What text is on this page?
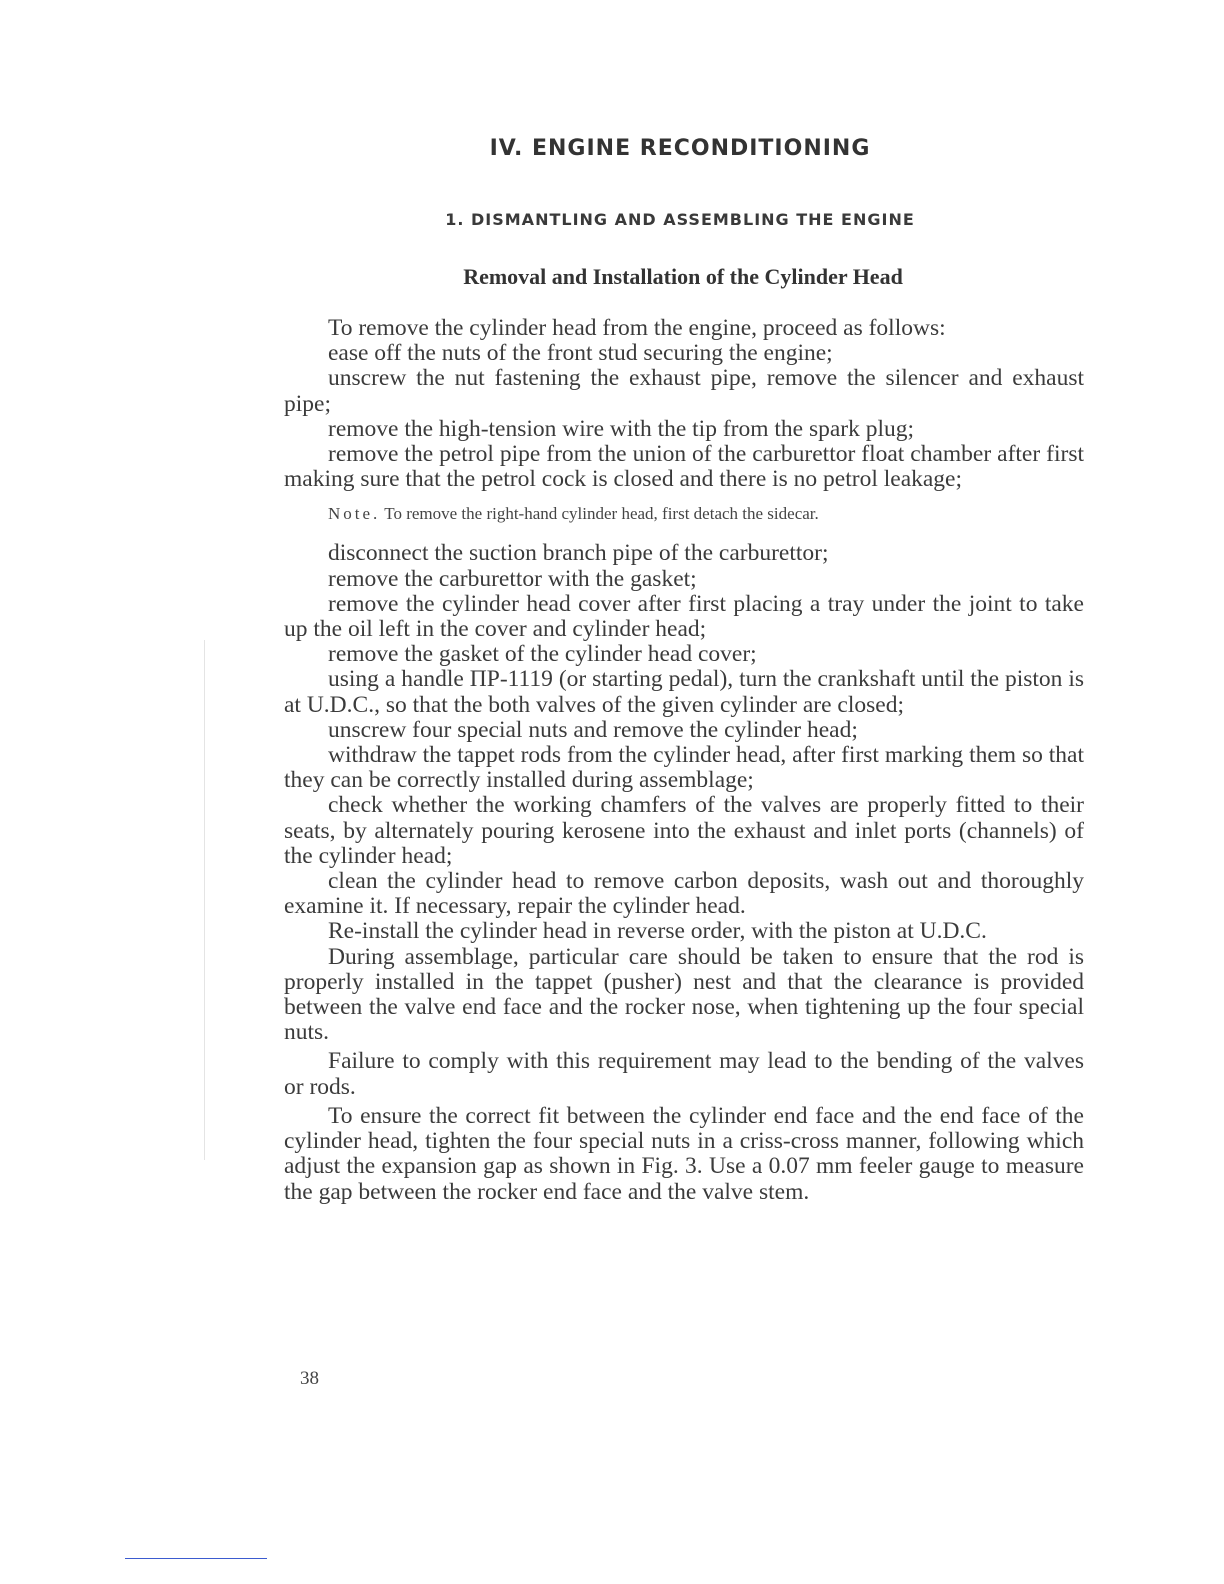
IV. ENGINE RECONDITIONING
1. DISMANTLING AND ASSEMBLING THE ENGINE
Removal and Installation of the Cylinder Head

To remove the cylinder head from the engine, proceed as follows:

ease off the nuts of the front stud securing the engine;

unscrew the nut fastening the exhaust pipe, remove the silencer and exhaust pipe;

remove the high-tension wire with the tip from the spark plug;

remove the petrol pipe from the union of the carburettor float chamber after first making sure that the petrol cock is closed and there is no petrol leakage;

Note. To remove the right-hand cylinder head, first detach the sidecar.

disconnect the suction branch pipe of the carburettor;

remove the carburettor with the gasket;

remove the cylinder head cover after first placing a tray under the joint to take up the oil left in the cover and cylinder head;

remove the gasket of the cylinder head cover;

using a handle ПР-1119 (or starting pedal), turn the crankshaft until the piston is at U.D.C., so that the both valves of the given cylinder are closed;

unscrew four special nuts and remove the cylinder head;

withdraw the tappet rods from the cylinder head, after first marking them so that they can be correctly installed during assemblage;

check whether the working chamfers of the valves are properly fitted to their seats, by alternately pouring kerosene into the exhaust and inlet ports (channels) of the cylinder head;

clean the cylinder head to remove carbon deposits, wash out and thoroughly examine it. If necessary, repair the cylinder head.

Re-install the cylinder head in reverse order, with the piston at U.D.C.

During assemblage, particular care should be taken to ensure that the rod is properly installed in the tappet (pusher) nest and that the clearance is provided between the valve end face and the rocker nose, when tightening up the four special nuts.

Failure to comply with this requirement may lead to the bending of the valves or rods.

To ensure the correct fit between the cylinder end face and the end face of the cylinder head, tighten the four special nuts in a criss-cross manner, following which adjust the expansion gap as shown in Fig. 3. Use a 0.07 mm feeler gauge to measure the gap between the rocker end face and the valve stem.

38
